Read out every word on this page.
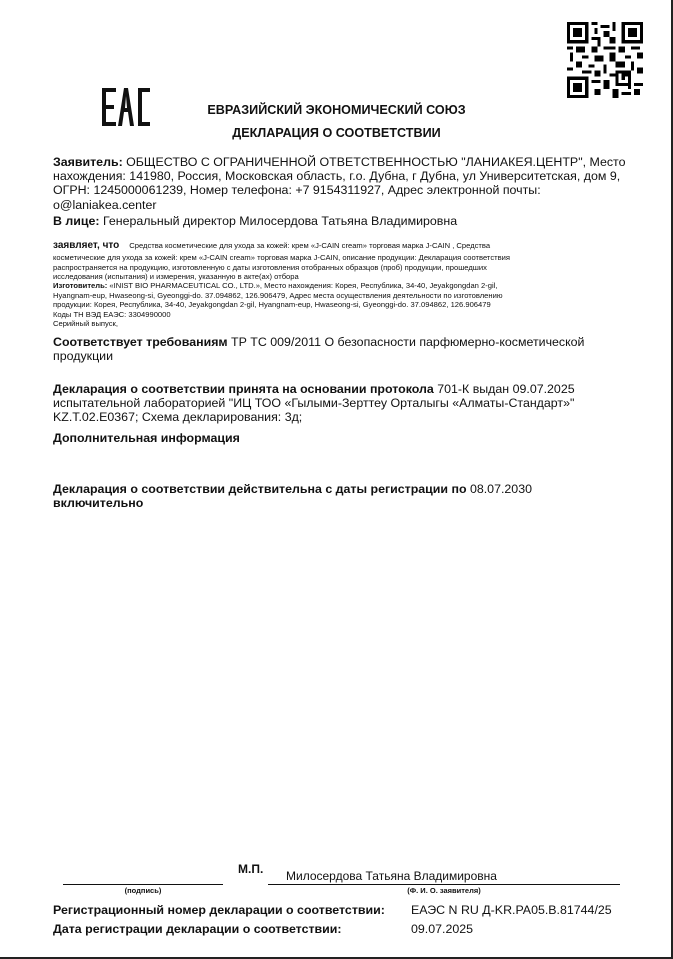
ЕВРАЗИЙСКИЙ ЭКОНОМИЧЕСКИЙ СОЮЗ
ДЕКЛАРАЦИЯ О СООТВЕТСТВИИ
Заявитель: ОБЩЕСТВО С ОГРАНИЧЕННОЙ ОТВЕТСТВЕННОСТЬЮ "ЛАНИАКЕЯ.ЦЕНТР", Место
нахождения: 141980, Россия, Московская область, г.о. Дубна, г Дубна, ул Университетская, дом 9,
ОГРН: 1245000061239, Номер телефона: +7 9154311927, Адрес электронной почты:
o@laniakea.center
В лице: Генеральный директор Милосердова Татьяна Владимировна
заявляет, что Средства косметические для ухода за кожей: крем «J-CAIN cream» торговая марка J-CAIN , Средства
косметические для ухода за кожей: крем «J-CAIN cream» торговая марка J-CAIN, описание продукции: Декларация соответствия
распространяется на продукцию, изготовленную с даты изготовления отобранных образцов (проб) продукции, прошедших
исследования (испытания) и измерения, указанную в акте(ах) отбора
Изготовитель: «INIST BIO PHARMACEUTICAL CO., LTD.», Место нахождения: Корея, Республика, 34-40, Jeyakgongdan 2-gil,
Hyangnam-eup, Hwaseong-si, Gyeonggi-do. 37.094862, 126.906479, Адрес места осуществления деятельности по изготовлению
продукции: Корея, Республика, 34-40, Jeyakgongdan 2-gil, Hyangnam-eup, Hwaseong-si, Gyeonggi-do. 37.094862, 126.906479
Коды ТН ВЭД ЕАЭС: 3304990000
Серийный выпуск,
Соответствует требованиям ТР ТС 009/2011 О безопасности парфюмерно-косметической
продукции
Декларация о соответствии принята на основании протокола 701-К выдан 09.07.2025
испытательной лабораторией "ИЦ ТОО «Гылыми-Зерттеу Орталыгы «Алматы-Стандарт»"
KZ.T.02.E0367; Схема декларирования: 3д;
Дополнительная информация
Декларация о соответствии действительна с даты регистрации по 08.07.2030
включительно
М.П. Милосердова Татьяна Владимировна
(подпись)	(Ф. И. О. заявителя)
Регистрационный номер декларации о соответствии: ЕАЭС N RU Д-KR.PA05.B.81744/25
Дата регистрации декларации о соответствии:	09.07.2025
